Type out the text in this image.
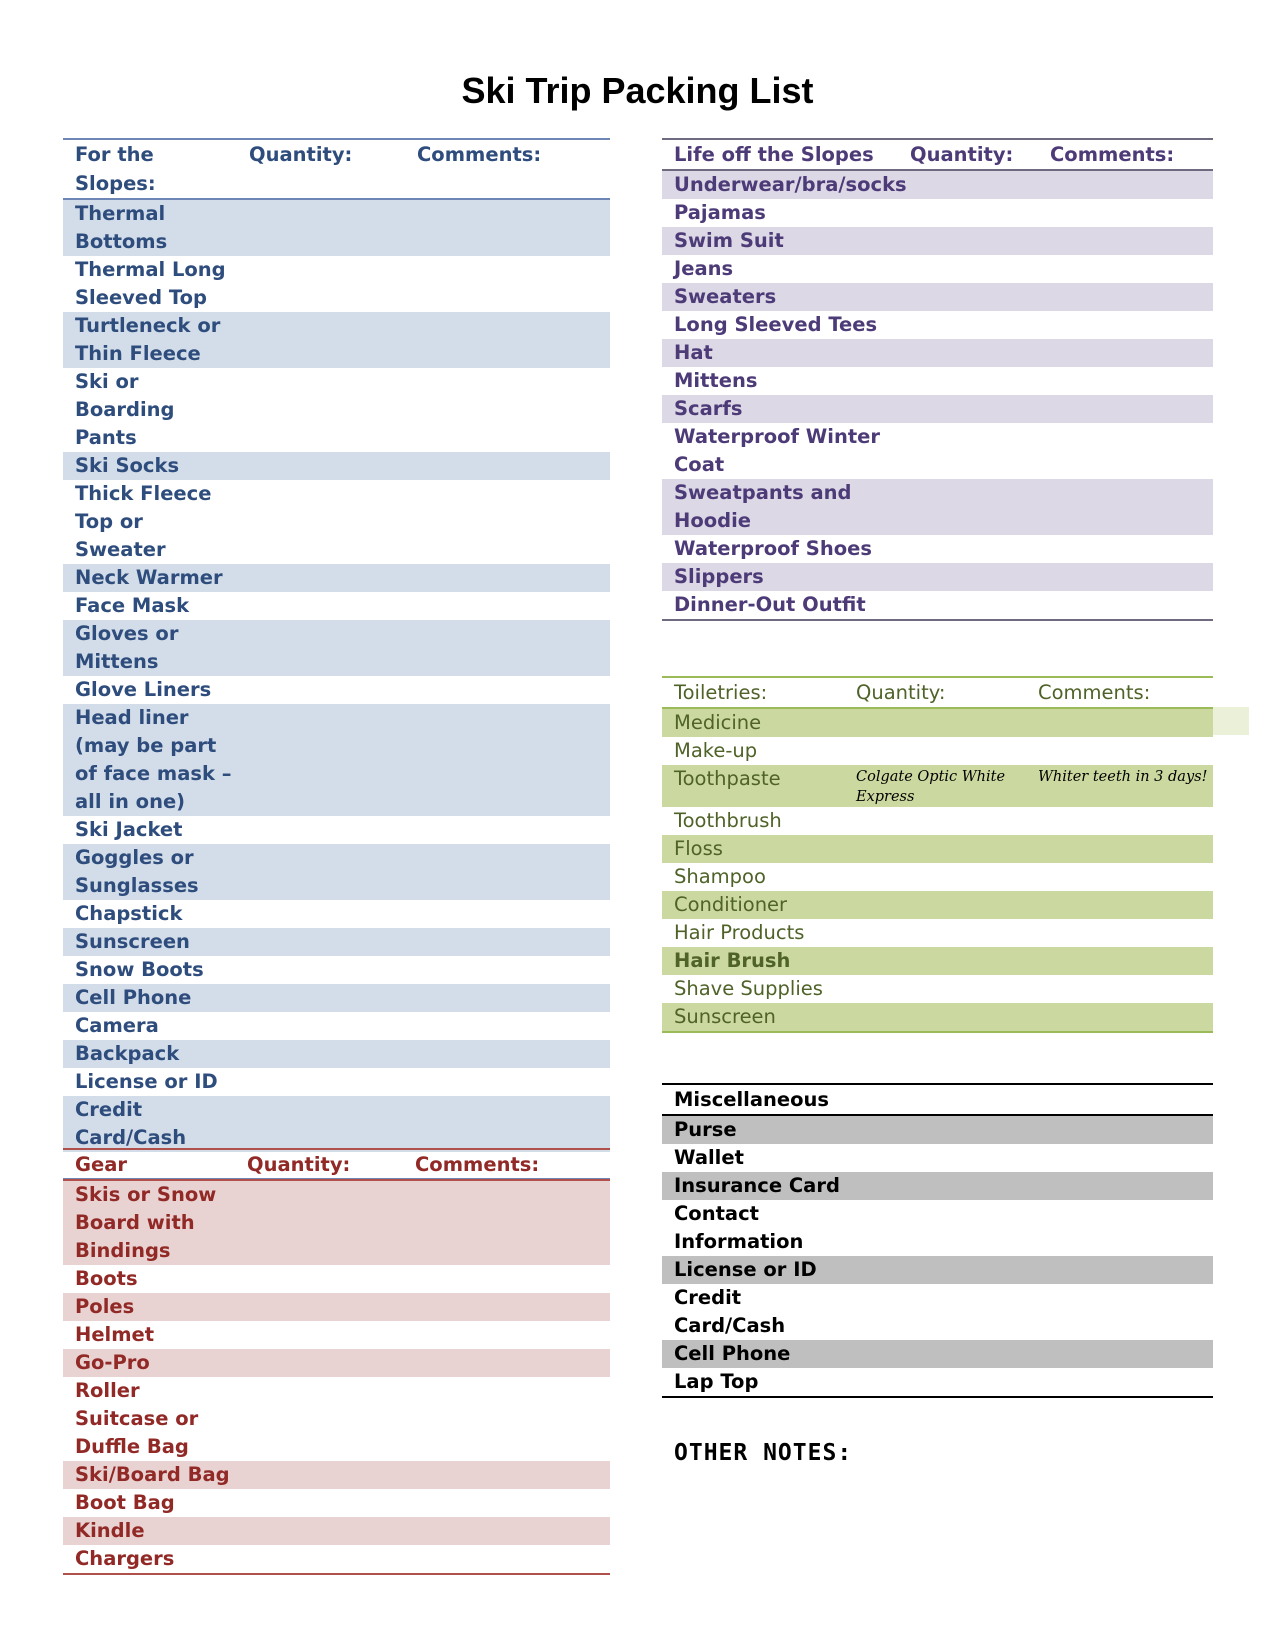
Ski Trip Packing List
For the Slopes:	Quantity:	Comments:
Thermal Bottoms		
Thermal Long Sleeved Top		
Turtleneck or Thin Fleece		
Ski or Boarding Pants		
Ski Socks		
Thick Fleece Top or Sweater		
Neck Warmer		
Face Mask		
Gloves or Mittens		
Glove Liners		
Head liner (may be part of face mask – all in one)		
Ski Jacket		
Goggles or Sunglasses		
Chapstick		
Sunscreen		
Snow Boots		
Cell Phone		
Camera		
Backpack		
License or ID		
Credit Card/Cash		

Gear	Quantity:	Comments:
Skis or Snow Board with Bindings		
Boots		
Poles		
Helmet		
Go-Pro		
Roller Suitcase or Duffle Bag		
Ski/Board Bag		
Boot Bag		
Kindle		
Chargers		
Life off the Slopes	Quantity:	Comments:
Underwear/bra/socks		
Pajamas		
Swim Suit		
Jeans		
Sweaters		
Long Sleeved Tees		
Hat		
Mittens		
Scarfs		
Waterproof Winter Coat		
Sweatpants and Hoodie		
Waterproof Shoes		
Slippers		
Dinner-Out Outfit		
Toiletries:	Quantity:	Comments:
Medicine		
Make-up		
Toothpaste	Colgate Optic White Express	Whiter teeth in 3 days!
Toothbrush		
Floss		
Shampoo		
Conditioner		
Hair Products		
Hair Brush		
Shave Supplies		
Sunscreen		
Miscellaneous		
Purse		
Wallet		
Insurance Card		
Contact Information		
License or ID		
Credit Card/Cash		
Cell Phone		
Lap Top		

OTHER NOTES:
